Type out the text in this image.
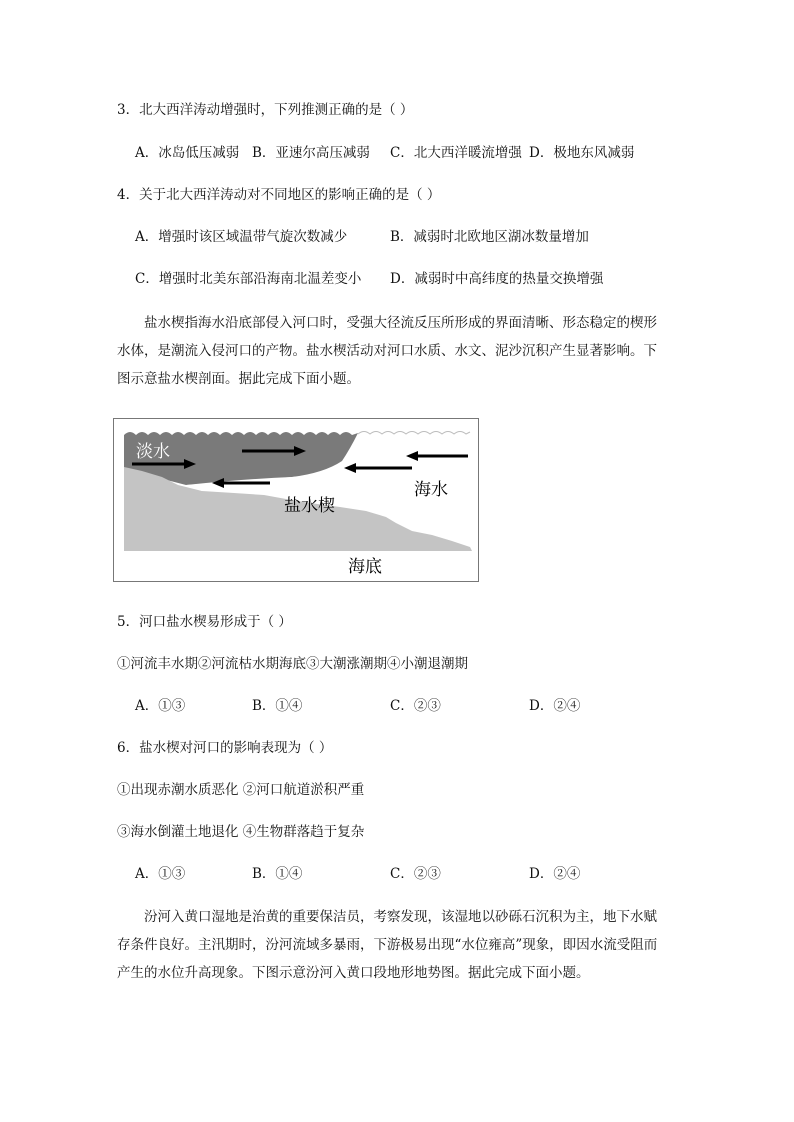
3．北大西洋涛动增强时，下列推测正确的是（ ）
A．冰岛低压减弱 B．亚速尔高压减弱 C．北大西洋暖流增强 D．极地东风减弱
4．关于北大西洋涛动对不同地区的影响正确的是（ ）
A．增强时该区域温带气旋次数减少	B．减弱时北欧地区湖冰数量增加
C．增强时北美东部沿海南北温差变小 D．减弱时中高纬度的热量交换增强
盐水楔指海水沿底部侵入河口时，受强大径流反压所形成的界面清晰、形态稳定的楔形
水体，是潮流入侵河口的产物。盐水楔活动对河口水质、水文、泥沙沉积产生显著影响。下
图示意盐水楔剖面。据此完成下面小题。
淡水
海水
盐水楔
海底
5．河口盐水楔易形成于（ ）
①河流丰水期②河流枯水期海底③大潮涨潮期④小潮退潮期
A．①③	B．①④	C．②③	D．②④
6．盐水楔对河口的影响表现为（ ）
①出现赤潮水质恶化 ②河口航道淤积严重
③海水倒灌土地退化 ④生物群落趋于复杂
A．①③	B．①④	C．②③	D．②④
汾河入黄口湿地是治黄的重要保洁员，考察发现，该湿地以砂砾石沉积为主，地下水赋
存条件良好。主汛期时，汾河流域多暴雨，下游极易出现“水位雍高”现象，即因水流受阻而
产生的水位升高现象。下图示意汾河入黄口段地形地势图。据此完成下面小题。
